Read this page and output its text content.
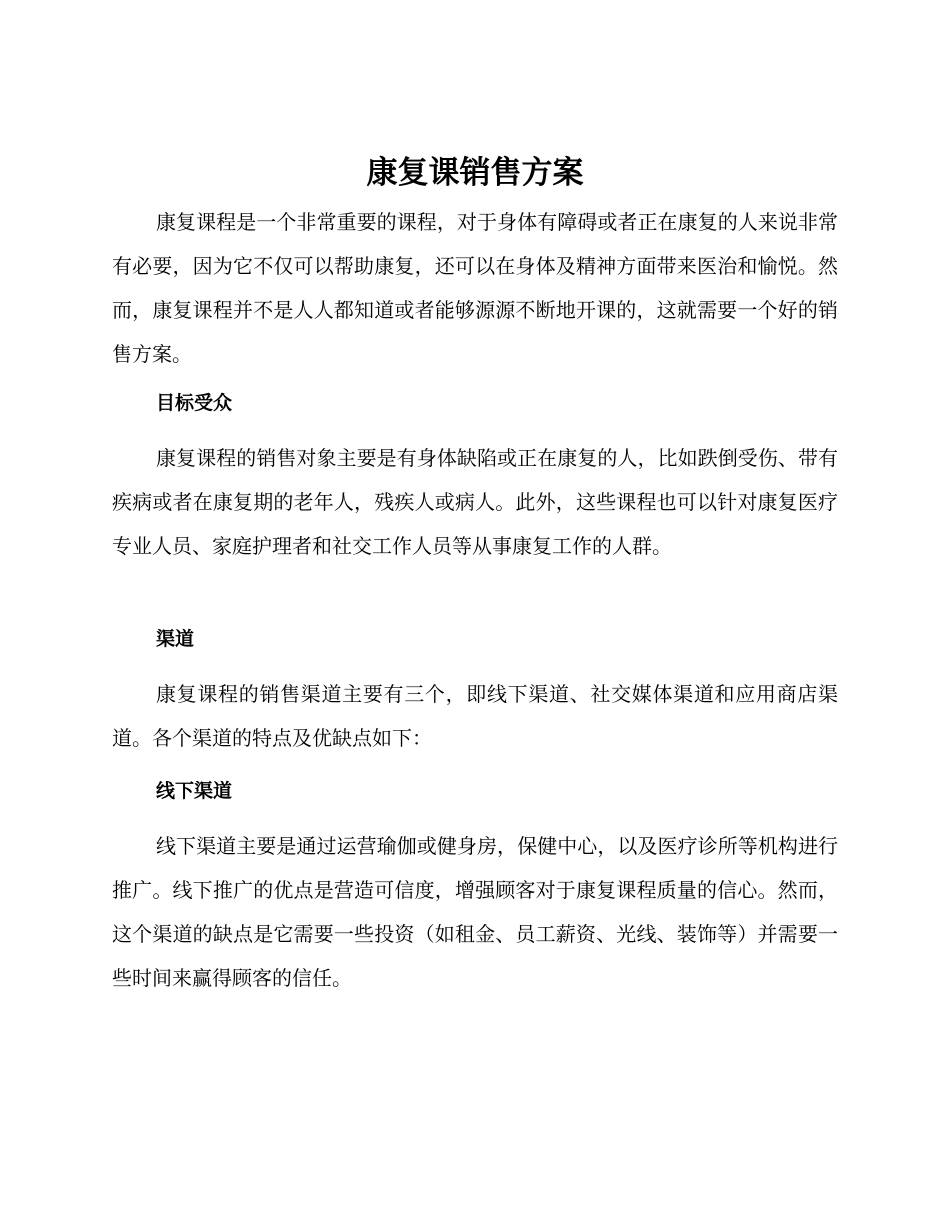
康复课销售方案

康复课程是一个非常重要的课程，对于身体有障碍或者正在康复的人来说非常有必要，因为它不仅可以帮助康复，还可以在身体及精神方面带来医治和愉悦。然而，康复课程并不是人人都知道或者能够源源不断地开课的，这就需要一个好的销售方案。

目标受众

康复课程的销售对象主要是有身体缺陷或正在康复的人，比如跌倒受伤、带有疾病或者在康复期的老年人，残疾人或病人。此外，这些课程也可以针对康复医疗专业人员、家庭护理者和社交工作人员等从事康复工作的人群。

渠道

康复课程的销售渠道主要有三个，即线下渠道、社交媒体渠道和应用商店渠道。各个渠道的特点及优缺点如下：

线下渠道

线下渠道主要是通过运营瑜伽或健身房，保健中心，以及医疗诊所等机构进行推广。线下推广的优点是营造可信度，增强顾客对于康复课程质量的信心。然而，这个渠道的缺点是它需要一些投资（如租金、员工薪资、光线、装饰等）并需要一些时间来赢得顾客的信任。
